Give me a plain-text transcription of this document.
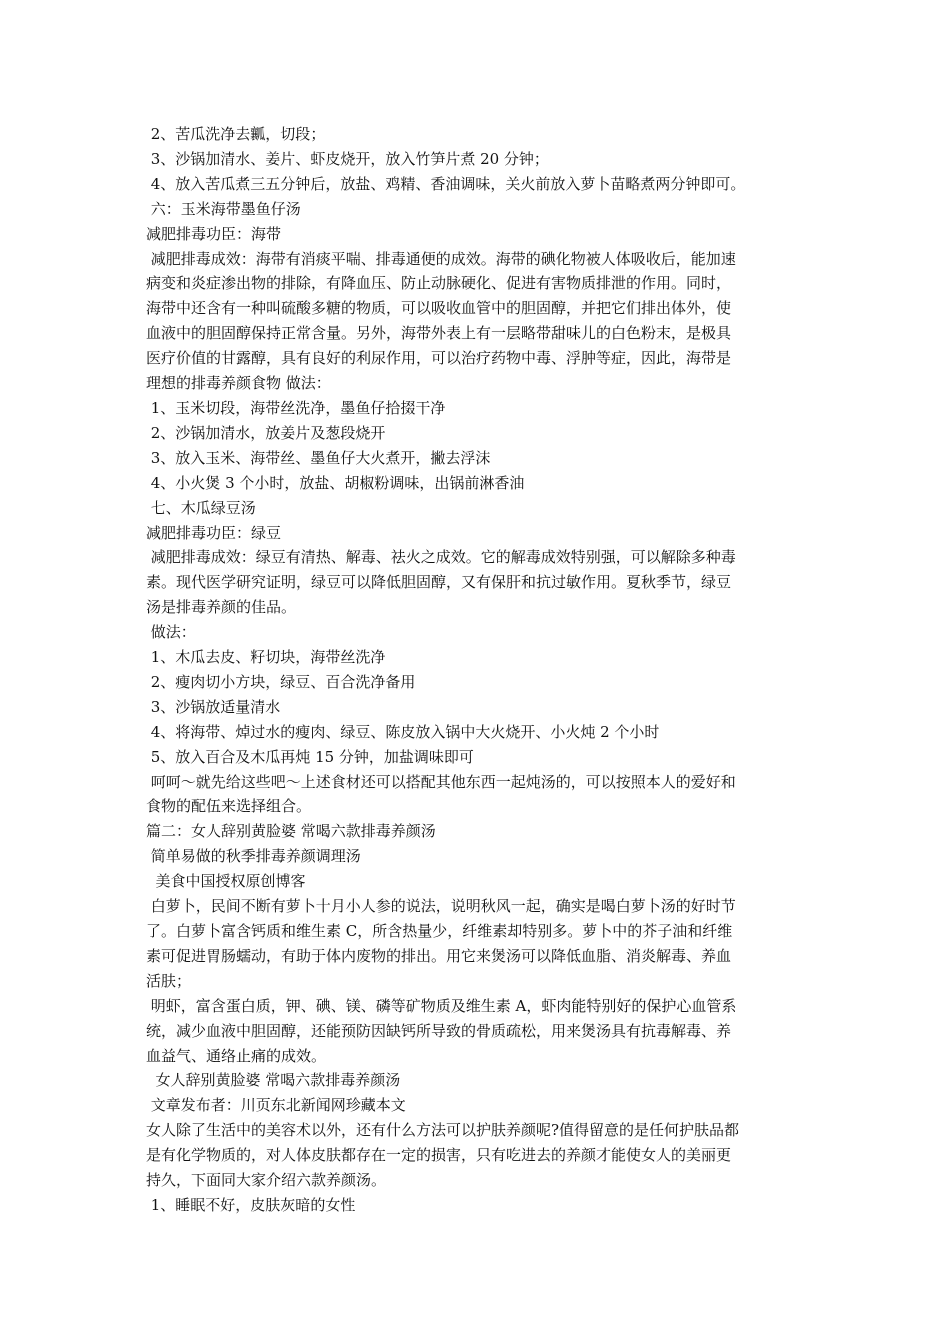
2、苦瓜洗净去瓤，切段；
3、沙锅加清水、姜片、虾皮烧开，放入竹笋片煮 20 分钟；
4、放入苦瓜煮三五分钟后，放盐、鸡精、香油调味，关火前放入萝卜苗略煮两分钟即可。
六：玉米海带墨鱼仔汤
减肥排毒功臣：海带
减肥排毒成效：海带有消痰平喘、排毒通便的成效。海带的碘化物被人体吸收后，能加速
病变和炎症渗出物的排除，有降血压、防止动脉硬化、促进有害物质排泄的作用。同时，
海带中还含有一种叫硫酸多糖的物质，可以吸收血管中的胆固醇，并把它们排出体外，使
血液中的胆固醇保持正常含量。另外，海带外表上有一层略带甜味儿的白色粉末，是极具
医疗价值的甘露醇，具有良好的利尿作用，可以治疗药物中毒、浮肿等症，因此，海带是
理想的排毒养颜食物 做法：
1、玉米切段，海带丝洗净，墨鱼仔拾掇干净
2、沙锅加清水，放姜片及葱段烧开
3、放入玉米、海带丝、墨鱼仔大火煮开，撇去浮沫
4、小火煲 3 个小时，放盐、胡椒粉调味，出锅前淋香油
七、木瓜绿豆汤
减肥排毒功臣：绿豆
减肥排毒成效：绿豆有清热、解毒、祛火之成效。它的解毒成效特别强，可以解除多种毒
素。现代医学研究证明，绿豆可以降低胆固醇，又有保肝和抗过敏作用。夏秋季节，绿豆
汤是排毒养颜的佳品。
做法：
1、木瓜去皮、籽切块，海带丝洗净
2、瘦肉切小方块，绿豆、百合洗净备用
3、沙锅放适量清水
4、将海带、焯过水的瘦肉、绿豆、陈皮放入锅中大火烧开、小火炖 2 个小时
5、放入百合及木瓜再炖 15 分钟，加盐调味即可
呵呵～就先给这些吧～上述食材还可以搭配其他东西一起炖汤的，可以按照本人的爱好和
食物的配伍来选择组合。
篇二：女人辞别黄脸婆 常喝六款排毒养颜汤
简单易做的秋季排毒养颜调理汤
美食中国授权原创博客
白萝卜，民间不断有萝卜十月小人参的说法，说明秋风一起，确实是喝白萝卜汤的好时节
了。白萝卜富含钙质和维生素 C，所含热量少，纤维素却特别多。萝卜中的芥子油和纤维
素可促进胃肠蠕动，有助于体内废物的排出。用它来煲汤可以降低血脂、消炎解毒、养血
活肤；
明虾，富含蛋白质，钾、碘、镁、磷等矿物质及维生素 A，虾肉能特别好的保护心血管系
统，减少血液中胆固醇，还能预防因缺钙所导致的骨质疏松，用来煲汤具有抗毒解毒、养
血益气、通络止痛的成效。
女人辞别黄脸婆 常喝六款排毒养颜汤
文章发布者：川页东北新闻网珍藏本文
女人除了生活中的美容术以外，还有什么方法可以护肤养颜呢?值得留意的是任何护肤品都
是有化学物质的，对人体皮肤都存在一定的损害，只有吃进去的养颜才能使女人的美丽更
持久，下面同大家介绍六款养颜汤。
1、睡眠不好，皮肤灰暗的女性
